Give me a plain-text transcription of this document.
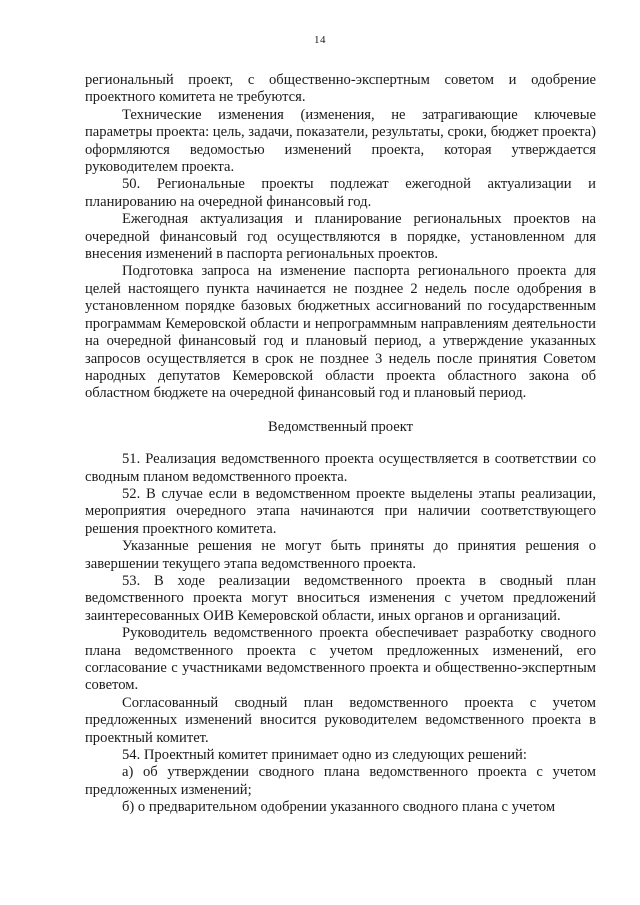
14

региональный проект, с общественно-экспертным советом и одобрение проектного комитета не требуются.

Технические изменения (изменения, не затрагивающие ключевые параметры проекта: цель, задачи, показатели, результаты, сроки, бюджет проекта) оформляются ведомостью изменений проекта, которая утверждается руководителем проекта.

50. Региональные проекты подлежат ежегодной актуализации и планированию на очередной финансовый год.

Ежегодная актуализация и планирование региональных проектов на очередной финансовый год осуществляются в порядке, установленном для внесения изменений в паспорта региональных проектов.

Подготовка запроса на изменение паспорта регионального проекта для целей настоящего пункта начинается не позднее 2 недель после одобрения в установленном порядке базовых бюджетных ассигнований по государственным программам Кемеровской области и непрограммным направлениям деятельности на очередной финансовый год и плановый период, а утверждение указанных запросов осуществляется в срок не позднее 3 недель после принятия Советом народных депутатов Кемеровской области проекта областного закона об областном бюджете на очередной финансовый год и плановый период.

Ведомственный проект

51. Реализация ведомственного проекта осуществляется в соответствии со сводным планом ведомственного проекта.

52. В случае если в ведомственном проекте выделены этапы реализации, мероприятия очередного этапа начинаются при наличии соответствующего решения проектного комитета.

Указанные решения не могут быть приняты до принятия решения о завершении текущего этапа ведомственного проекта.

53. В ходе реализации ведомственного проекта в сводный план ведомственного проекта могут вноситься изменения с учетом предложений заинтересованных ОИВ Кемеровской области, иных органов и организаций.

Руководитель ведомственного проекта обеспечивает разработку сводного плана ведомственного проекта с учетом предложенных изменений, его согласование с участниками ведомственного проекта и общественно-экспертным советом.

Согласованный сводный план ведомственного проекта с учетом предложенных изменений вносится руководителем ведомственного проекта в проектный комитет.

54. Проектный комитет принимает одно из следующих решений:

а) об утверждении сводного плана ведомственного проекта с учетом предложенных изменений;

б) о предварительном одобрении указанного сводного плана с учетом
